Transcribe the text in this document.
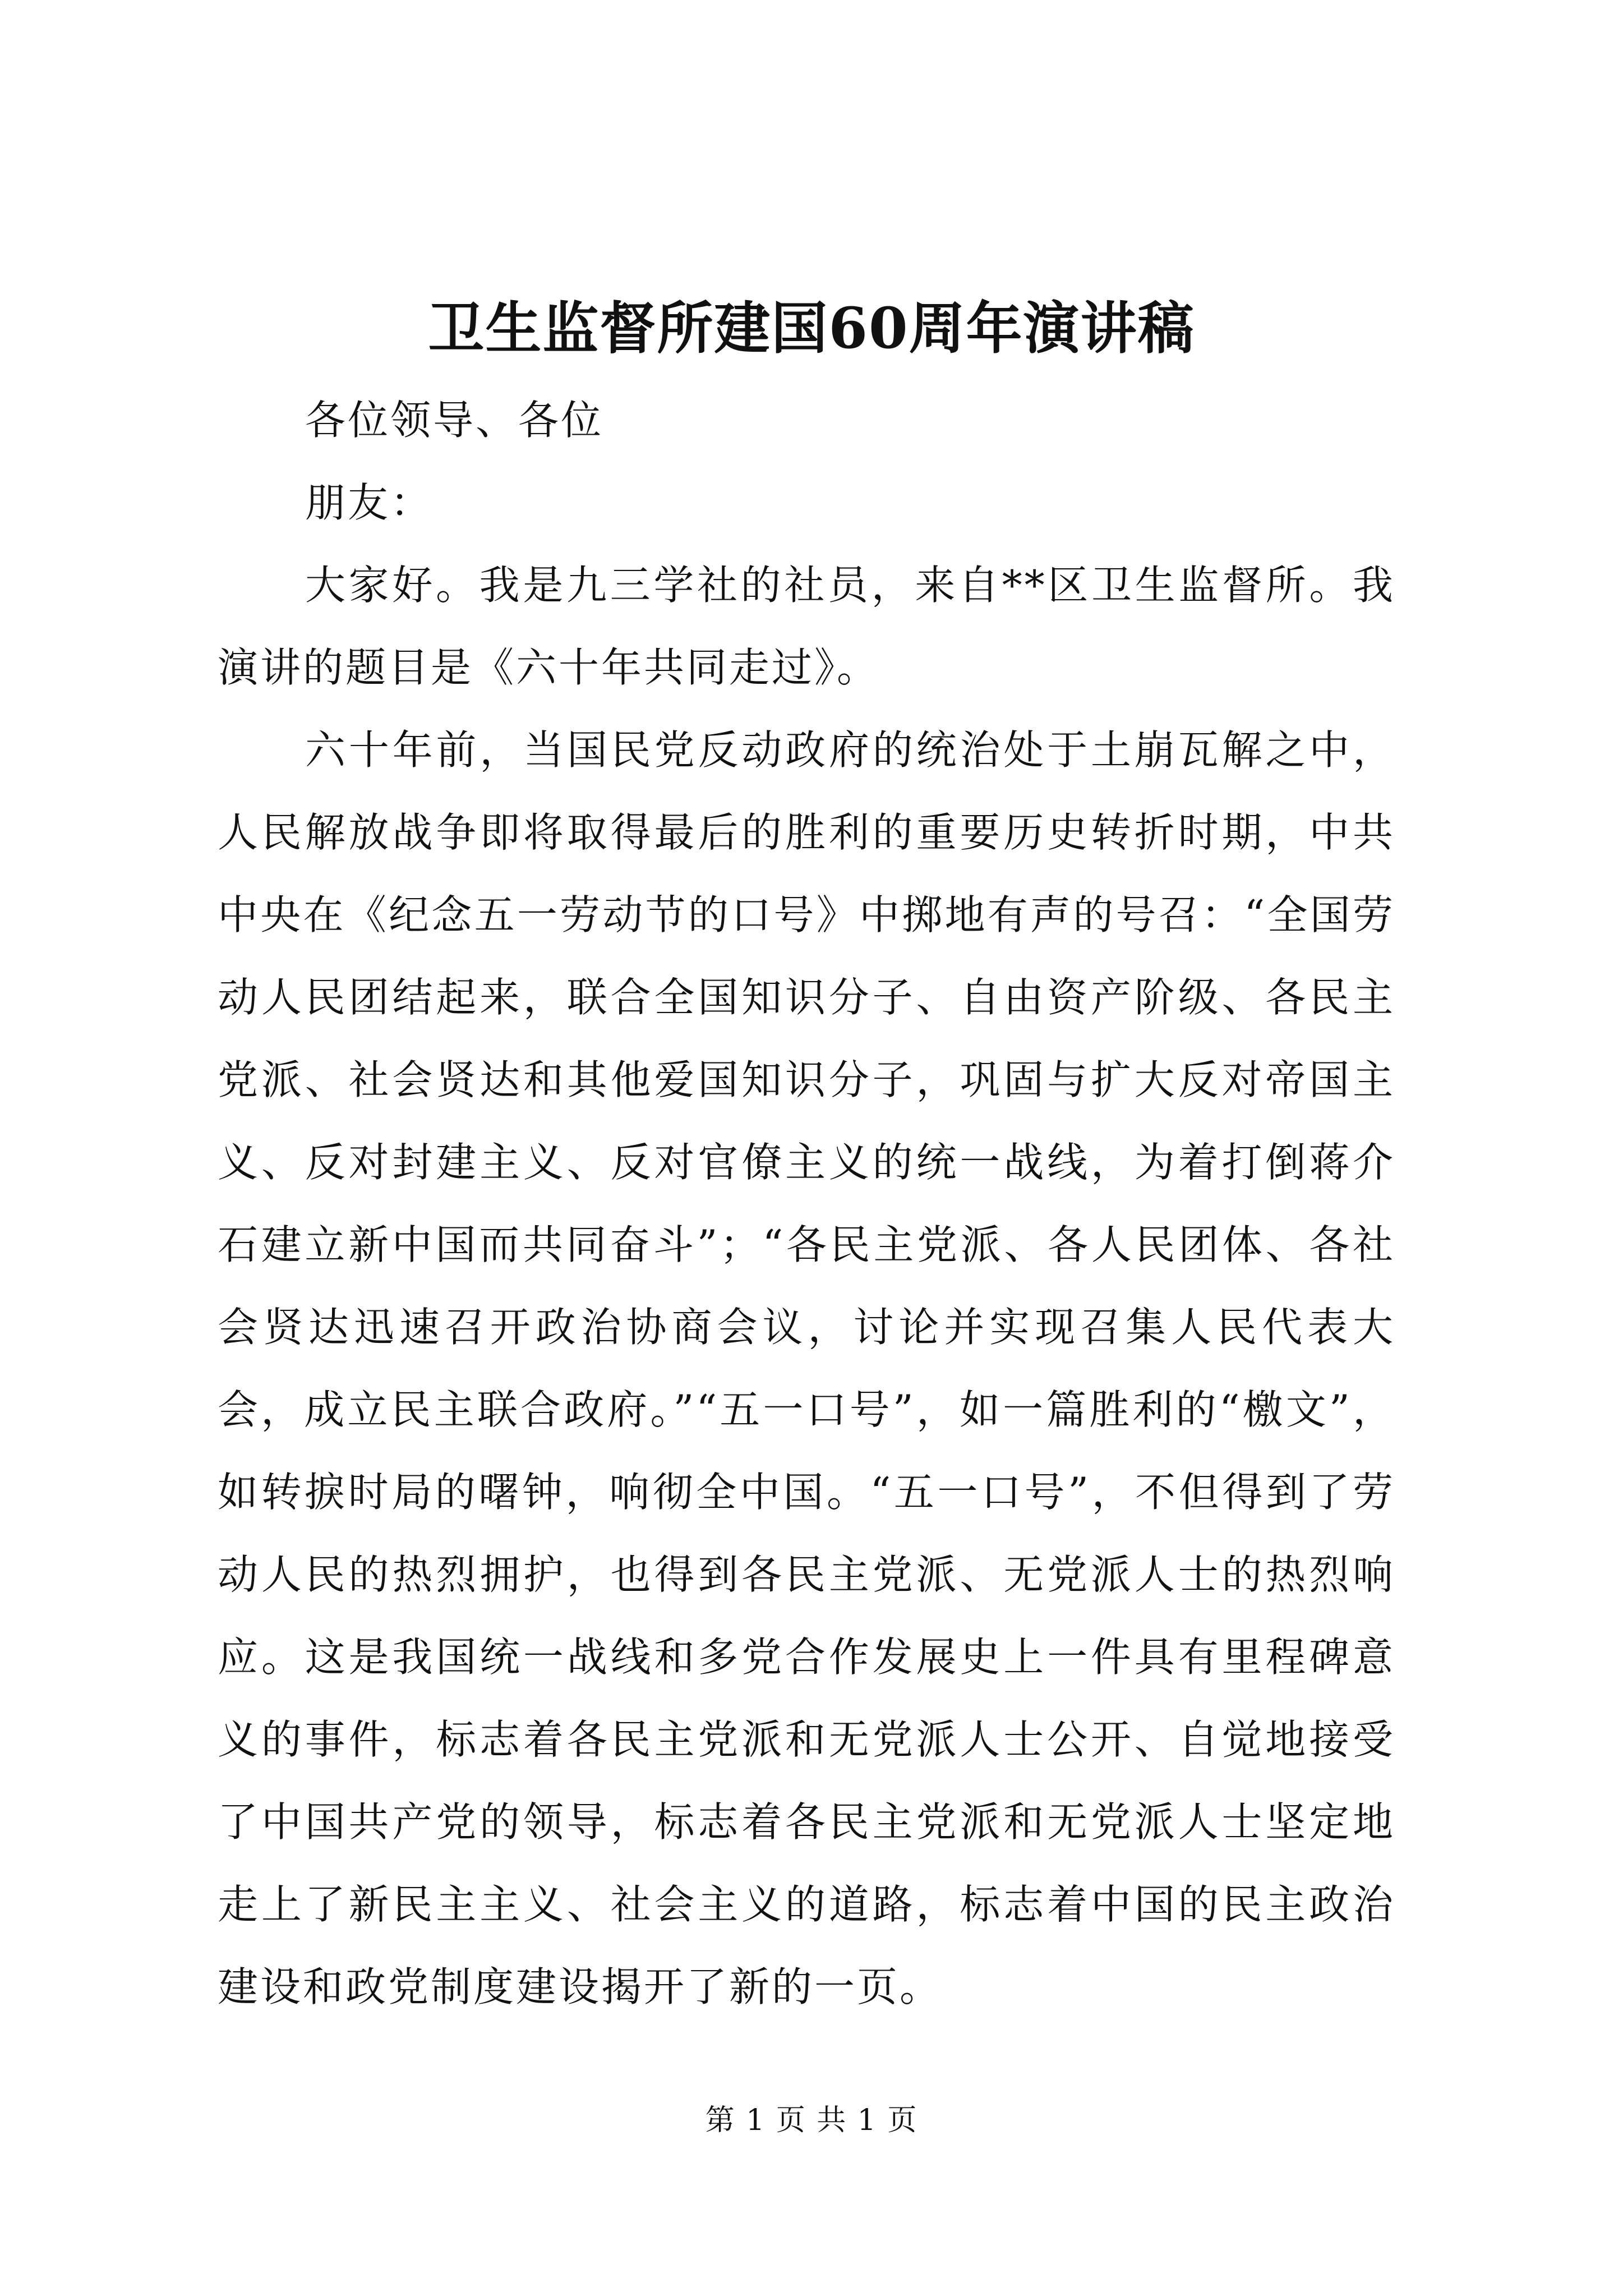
卫生监督所建国60周年演讲稿

各位领导、各位

朋友：

大家好。我是九三学社的社员，来自**区卫生监督所。我演讲的题目是《六十年共同走过》。

六十年前，当国民党反动政府的统治处于土崩瓦解之中，人民解放战争即将取得最后的胜利的重要历史转折时期，中共中央在《纪念五一劳动节的口号》中掷地有声的号召：“全国劳动人民团结起来，联合全国知识分子、自由资产阶级、各民主党派、社会贤达和其他爱国知识分子，巩固与扩大反对帝国主义、反对封建主义、反对官僚主义的统一战线，为着打倒蒋介石建立新中国而共同奋斗”；“各民主党派、各人民团体、各社会贤达迅速召开政治协商会议，讨论并实现召集人民代表大会，成立民主联合政府。”“五一口号”，如一篇胜利的“檄文”，如转捩时局的曙钟，响彻全中国。“五一口号”，不但得到了劳动人民的热烈拥护，也得到各民主党派、无党派人士的热烈响应。这是我国统一战线和多党合作发展史上一件具有里程碑意义的事件，标志着各民主党派和无党派人士公开、自觉地接受了中国共产党的领导，标志着各民主党派和无党派人士坚定地走上了新民主主义、社会主义的道路，标志着中国的民主政治建设和政党制度建设揭开了新的一页。

第 1 页 共 1 页
